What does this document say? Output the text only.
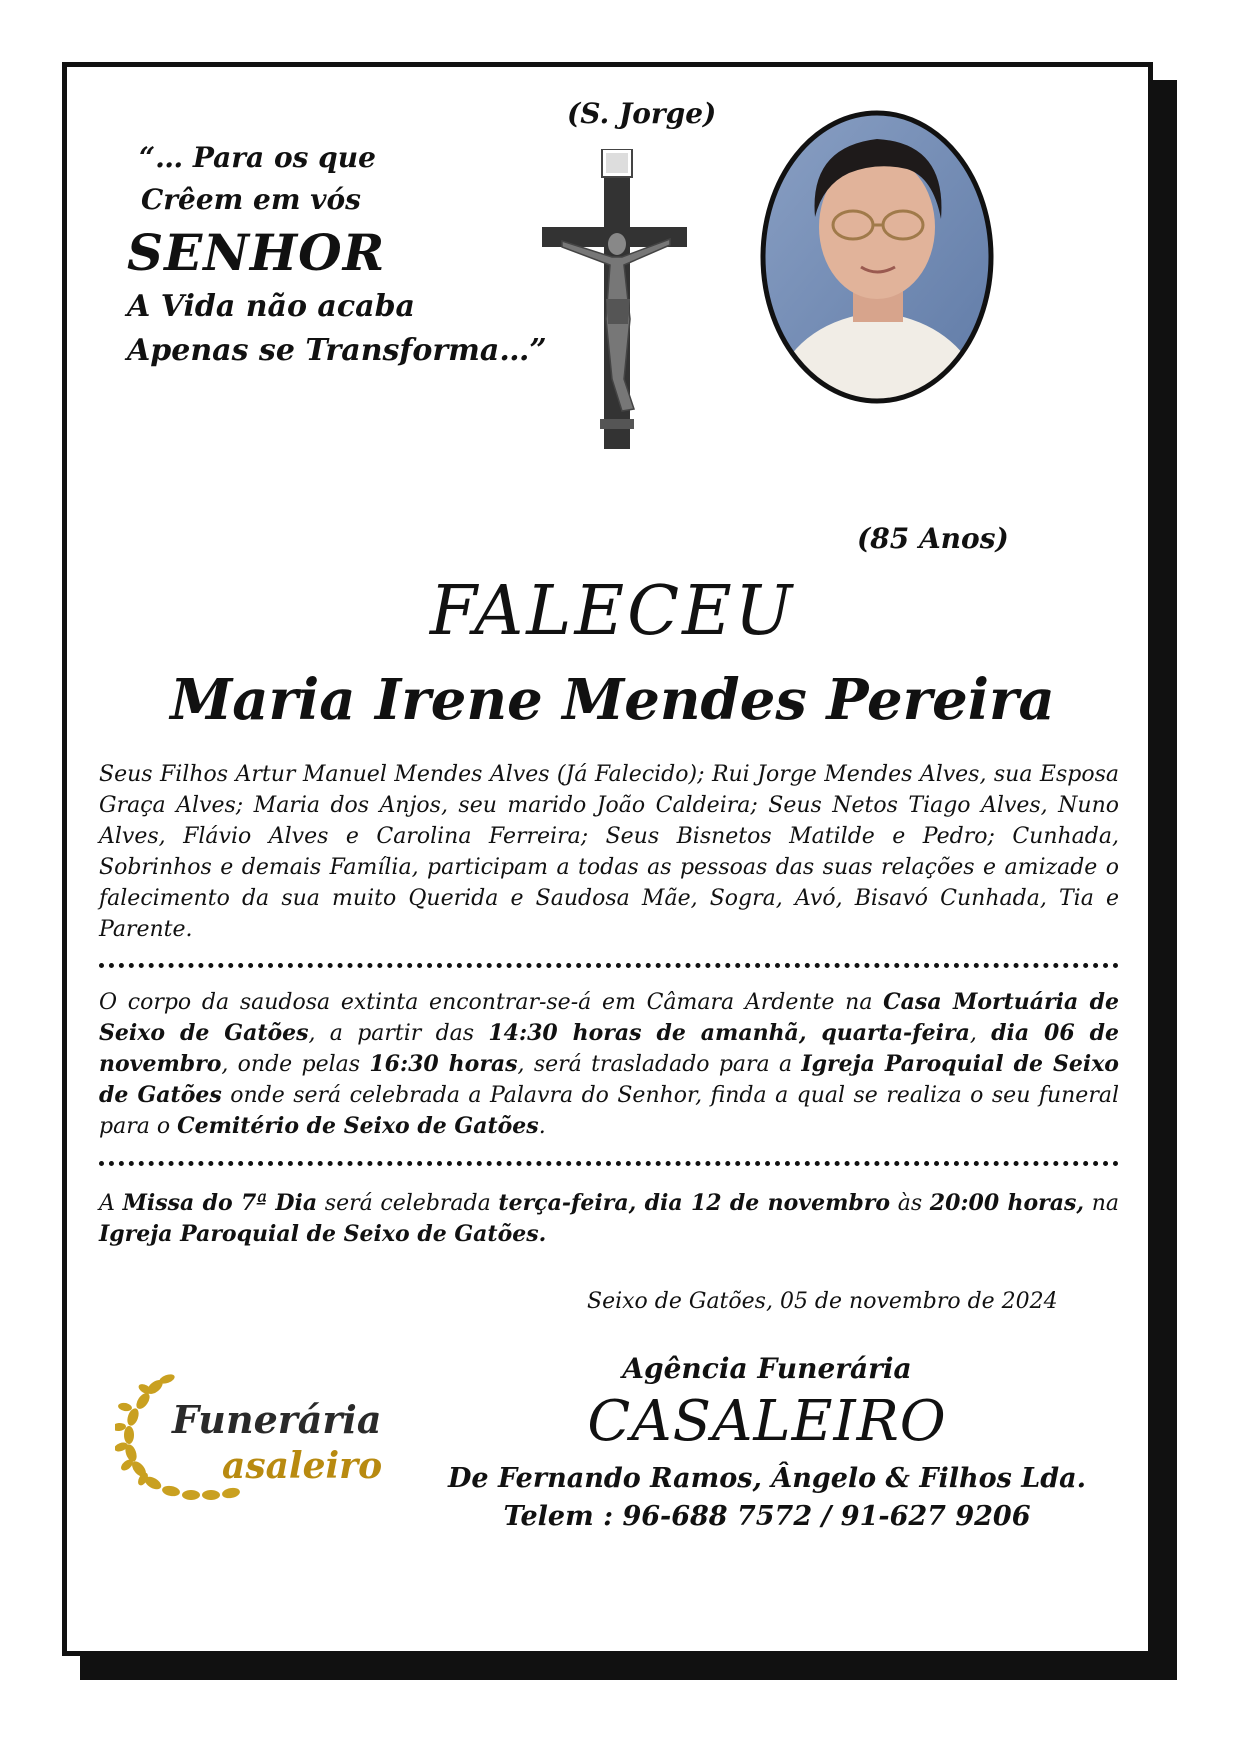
“… Para os que
Crêem em vós
SENHOR
A Vida não acaba
Apenas se Transforma…”
(S. Jorge)
(85 Anos)
FALECEU
Maria Irene Mendes Pereira
Seus Filhos Artur Manuel Mendes Alves (Já Falecido); Rui Jorge Mendes Alves, sua Esposa Graça Alves; Maria dos Anjos, seu marido João Caldeira; Seus Netos Tiago Alves, Nuno Alves, Flávio Alves e Carolina Ferreira; Seus Bisnetos Matilde e Pedro; Cunhada, Sobrinhos e demais Família, participam a todas as pessoas das suas relações e amizade o falecimento da sua muito Querida e Saudosa Mãe, Sogra, Avó, Bisavó Cunhada, Tia e Parente.
O corpo da saudosa extinta encontrar-se-á em Câmara Ardente na Casa Mortuária de Seixo de Gatões, a partir das 14:30 horas de amanhã, quarta-feira, dia 06 de novembro, onde pelas 16:30 horas, será trasladado para a Igreja Paroquial de Seixo de Gatões onde será celebrada a Palavra do Senhor, finda a qual se realiza o seu funeral para o Cemitério de Seixo de Gatões.
A Missa do 7ª Dia será celebrada terça-feira, dia 12 de novembro às 20:00 horas, na Igreja Paroquial de Seixo de Gatões.
Seixo de Gatões, 05 de novembro de 2024
Funerária
asaleiro
Agência Funerária
CASALEIRO
De Fernando Ramos, Ângelo & Filhos Lda.
Telem : 96-688 7572 / 91-627 9206
